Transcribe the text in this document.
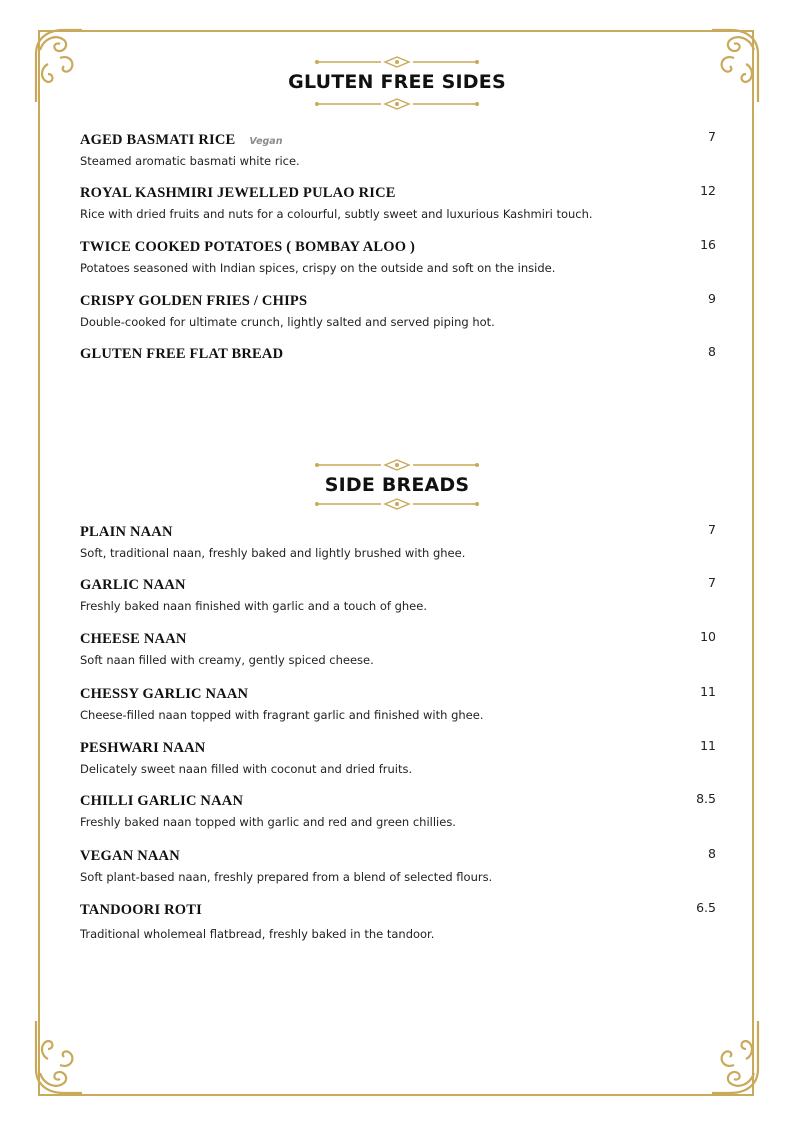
GLUTEN FREE SIDES
AGED BASMATI RICE Vegan
Steamed aromatic basmati white rice.
7
ROYAL KASHMIRI JEWELLED PULAO RICE
Rice with dried fruits and nuts for a colourful, subtly sweet and luxurious Kashmiri touch.
12
TWICE COOKED POTATOES ( BOMBAY ALOO )
Potatoes seasoned with Indian spices, crispy on the outside and soft on the inside.
16
CRISPY GOLDEN FRIES / CHIPS
Double-cooked for ultimate crunch, lightly salted and served piping hot.
9
GLUTEN FREE FLAT BREAD	8
SIDE BREADS
PLAIN NAAN
Soft, traditional naan, freshly baked and lightly brushed with ghee.
7
GARLIC NAAN
Freshly baked naan finished with garlic and a touch of ghee.
7
CHEESE NAAN
Soft naan filled with creamy, gently spiced cheese.
10
CHESSY GARLIC NAAN
Cheese-filled naan topped with fragrant garlic and finished with ghee.
11
PESHWARI NAAN
Delicately sweet naan filled with coconut and dried fruits.
11
CHILLI GARLIC NAAN
Freshly baked naan topped with garlic and red and green chillies.
8.5
VEGAN NAAN
Soft plant-based naan, freshly prepared from a blend of selected flours.
8
TANDOORI ROTI
Traditional wholemeal flatbread, freshly baked in the tandoor.
6.5
